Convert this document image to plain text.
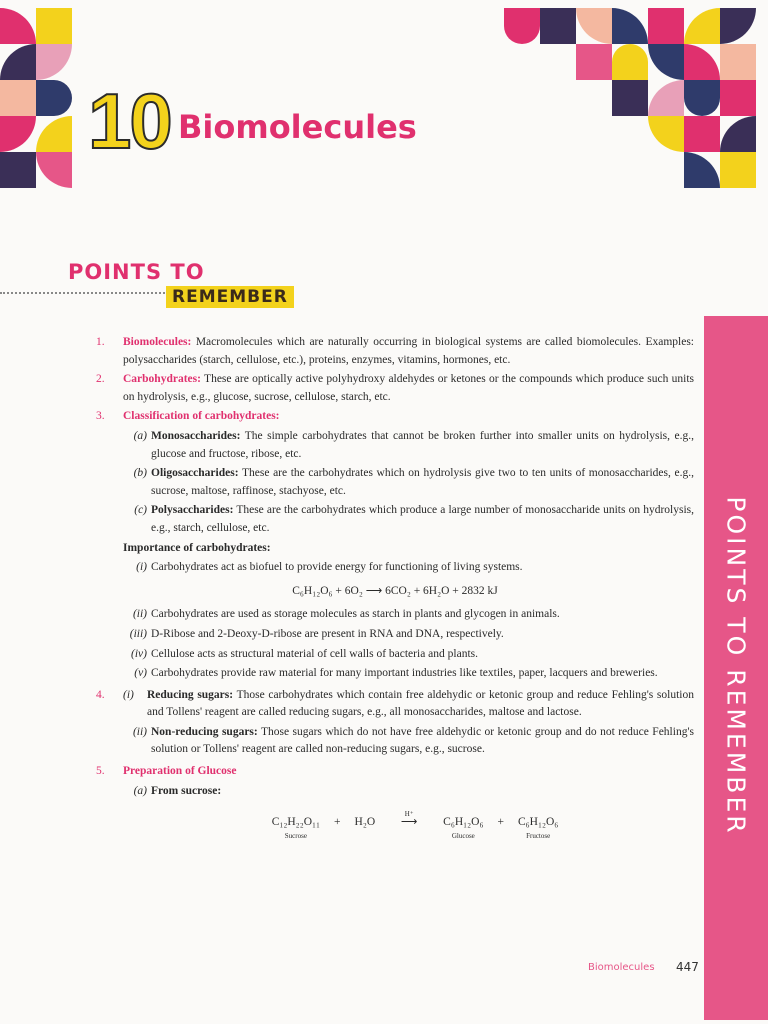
10 Biomolecules
POINTS TO
REMEMBER
POINTS TO REMEMBER
1.	Biomolecules: Macromolecules which are naturally occurring in biological systems are called biomolecules. Examples: polysaccharides (starch, cellulose, etc.), proteins, enzymes, vitamins, hormones, etc.
2.	Carbohydrates: These are optically active polyhydroxy aldehydes or ketones or the compounds which produce such units on hydrolysis, e.g., glucose, sucrose, cellulose, starch, etc.
3.	Classification of carbohydrates:
(a) Monosaccharides: The simple carbohydrates that cannot be broken further into smaller units on hydrolysis, e.g., glucose and fructose, ribose, etc.
(b) Oligosaccharides: These are the carbohydrates which on hydrolysis give two to ten units of monosaccharides, e.g., sucrose, maltose, raffinose, stachyose, etc.
(c) Polysaccharides: These are the carbohydrates which produce a large number of monosaccharide units on hydrolysis, e.g., starch, cellulose, etc.
Importance of carbohydrates:
(i) Carbohydrates act as biofuel to provide energy for functioning of living systems.
C₆H₁₂O₆ + 6O₂ ⟶ 6CO₂ + 6H₂O + 2832 kJ
(ii) Carbohydrates are used as storage molecules as starch in plants and glycogen in animals.
(iii) D-Ribose and 2-Deoxy-D-ribose are present in RNA and DNA, respectively.
(iv) Cellulose acts as structural material of cell walls of bacteria and plants.
(v) Carbohydrates provide raw material for many important industries like textiles, paper, lacquers and breweries.
4.	(i)	Reducing sugars: Those carbohydrates which contain free aldehydic or ketonic group and reduce Fehling's solution and Tollens' reagent are called reducing sugars, e.g., all monosaccharides, maltose and lactose.
(ii) Non-reducing sugars: Those sugars which do not have free aldehydic or ketonic group and do not reduce Fehling's solution or Tollens' reagent are called non-reducing sugars, e.g., sucrose.
5.	Preparation of Glucose
(a) From sucrose:
C₁₂H₂₂O₁₁
Sucrose
+ H₂O
H⁺
⟶	C₆H₁₂O₆
Glucose
+ C₆H₁₂O₆
Fructose
Biomolecules 447
